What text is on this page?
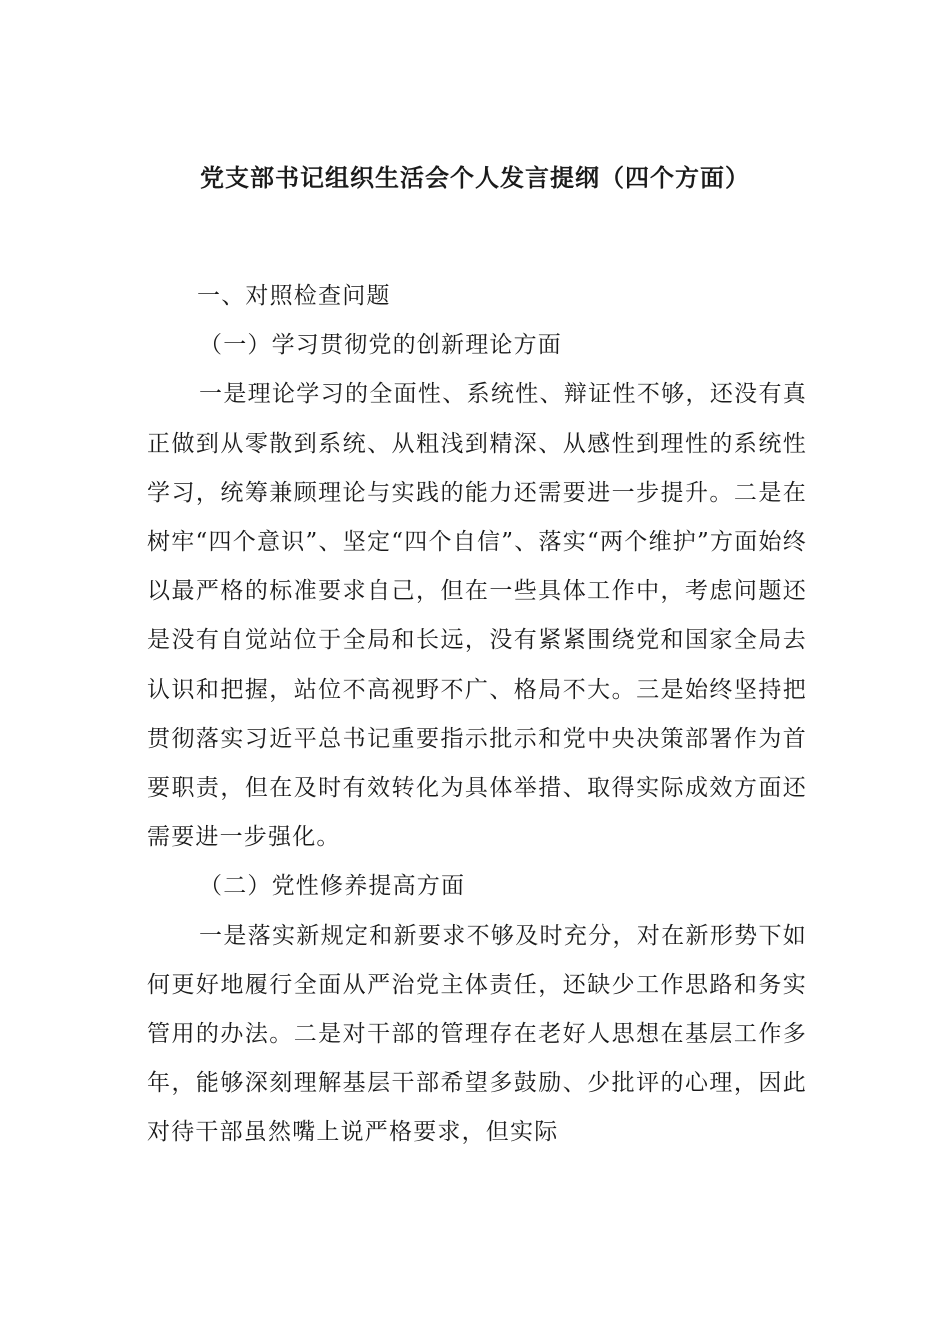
党支部书记组织生活会个人发言提纲（四个方面）

一、对照检查问题

（一）学习贯彻党的创新理论方面

一是理论学习的全面性、系统性、辩证性不够，还没有真正做到从零散到系统、从粗浅到精深、从感性到理性的系统性学习，统筹兼顾理论与实践的能力还需要进一步提升。二是在树牢“四个意识”、坚定“四个自信”、落实“两个维护”方面始终以最严格的标准要求自己，但在一些具体工作中，考虑问题还是没有自觉站位于全局和长远，没有紧紧围绕党和国家全局去认识和把握，站位不高视野不广、格局不大。三是始终坚持把贯彻落实习近平总书记重要指示批示和党中央决策部署作为首要职责，但在及时有效转化为具体举措、取得实际成效方面还需要进一步强化。

（二）党性修养提高方面

一是落实新规定和新要求不够及时充分，对在新形势下如何更好地履行全面从严治党主体责任，还缺少工作思路和务实管用的办法。二是对干部的管理存在老好人思想在基层工作多年，能够深刻理解基层干部希望多鼓励、少批评的心理，因此对待干部虽然嘴上说严格要求，但实际
